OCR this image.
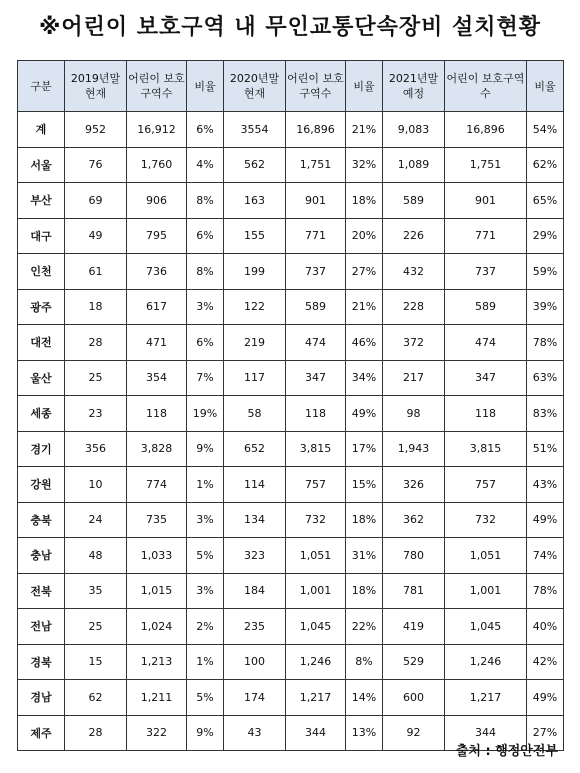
※어린이 보호구역 내 무인교통단속장비 설치현황
구분	2019년말 현재	어린이 보호구역수	비율	2020년말 현재	어린이 보호구역수	비율	2021년말 예정	어린이 보호구역수	비율
계	952	16,912	6%	3554	16,896	21%	9,083	16,896	54%
서울	76	1,760	4%	562	1,751	32%	1,089	1,751	62%
부산	69	906	8%	163	901	18%	589	901	65%
대구	49	795	6%	155	771	20%	226	771	29%
인천	61	736	8%	199	737	27%	432	737	59%
광주	18	617	3%	122	589	21%	228	589	39%
대전	28	471	6%	219	474	46%	372	474	78%
울산	25	354	7%	117	347	34%	217	347	63%
세종	23	118	19%	58	118	49%	98	118	83%
경기	356	3,828	9%	652	3,815	17%	1,943	3,815	51%
강원	10	774	1%	114	757	15%	326	757	43%
충북	24	735	3%	134	732	18%	362	732	49%
충남	48	1,033	5%	323	1,051	31%	780	1,051	74%
전북	35	1,015	3%	184	1,001	18%	781	1,001	78%
전남	25	1,024	2%	235	1,045	22%	419	1,045	40%
경북	15	1,213	1%	100	1,246	8%	529	1,246	42%
경남	62	1,211	5%	174	1,217	14%	600	1,217	49%
제주	28	322	9%	43	344	13%	92	344	27%
출처 : 행정안전부
